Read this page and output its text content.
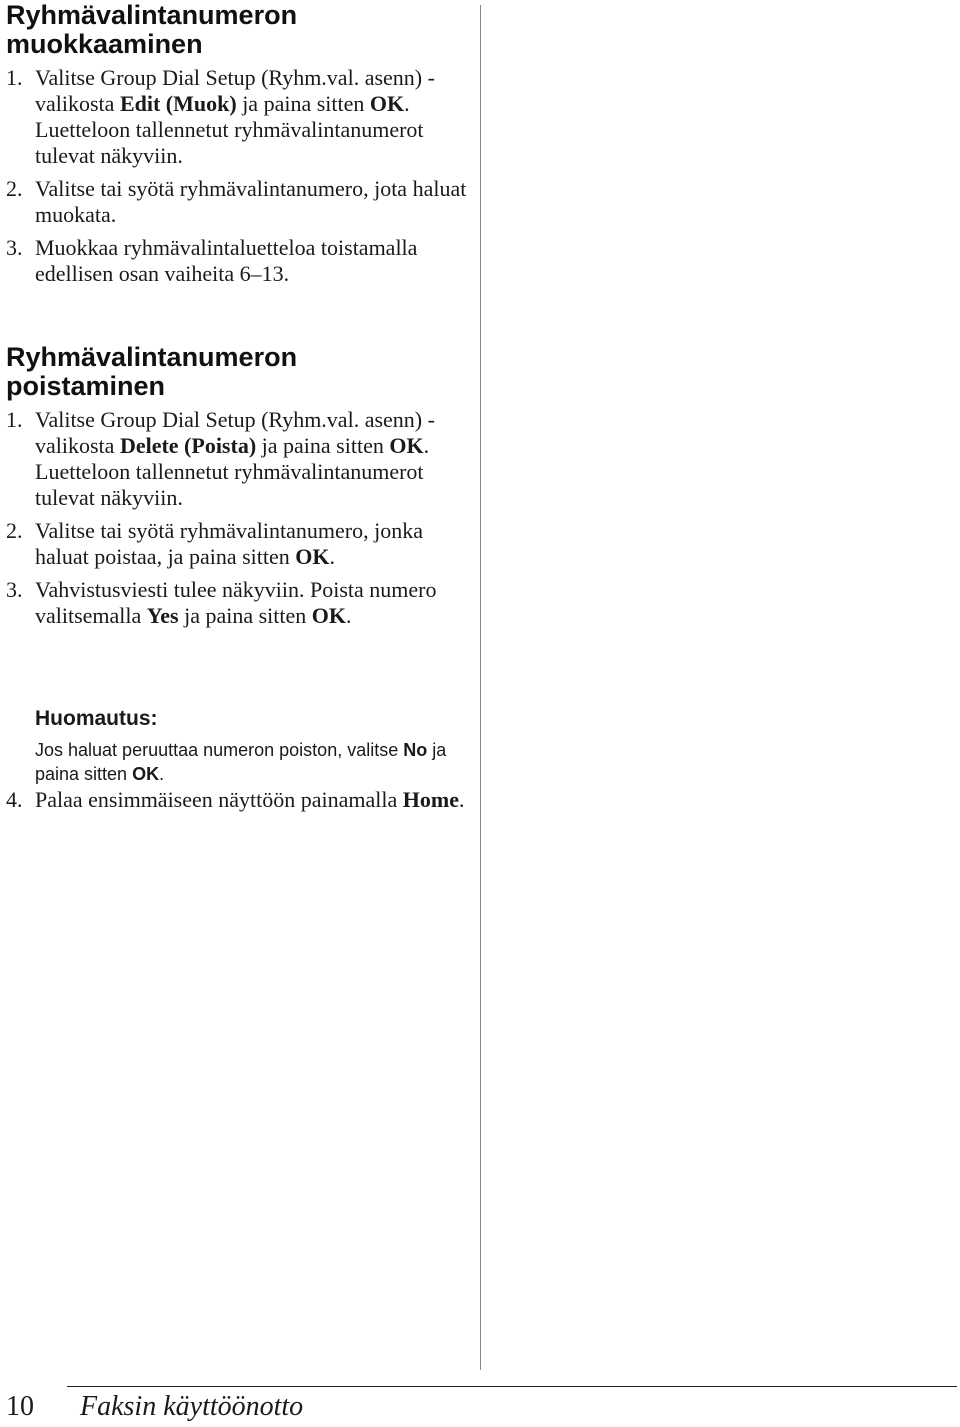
Ryhmävalintanumeron
muokkaaminen
1. Valitse Group Dial Setup (Ryhm.val. asenn) -valikosta Edit (Muok) ja paina sitten OK. Luetteloon tallennetut ryhmävalintanumerot tulevat näkyviin.
2. Valitse tai syötä ryhmävalintanumero, jota haluat muokata.
3. Muokkaa ryhmävalintaluetteloa toistamalla edellisen osan vaiheita 6–13.
Ryhmävalintanumeron
poistaminen
1. Valitse Group Dial Setup (Ryhm.val. asenn) -valikosta Delete (Poista) ja paina sitten OK. Luetteloon tallennetut ryhmävalintanumerot tulevat näkyviin.
2. Valitse tai syötä ryhmävalintanumero, jonka haluat poistaa, ja paina sitten OK.
3. Vahvistusviesti tulee näkyviin. Poista numero valitsemalla Yes ja paina sitten OK.

Huomautus:

Jos haluat peruuttaa numeron poiston, valitse No ja paina sitten OK.

4. Palaa ensimmäiseen näyttöön painamalla Home.
10 Faksin käyttöönotto
